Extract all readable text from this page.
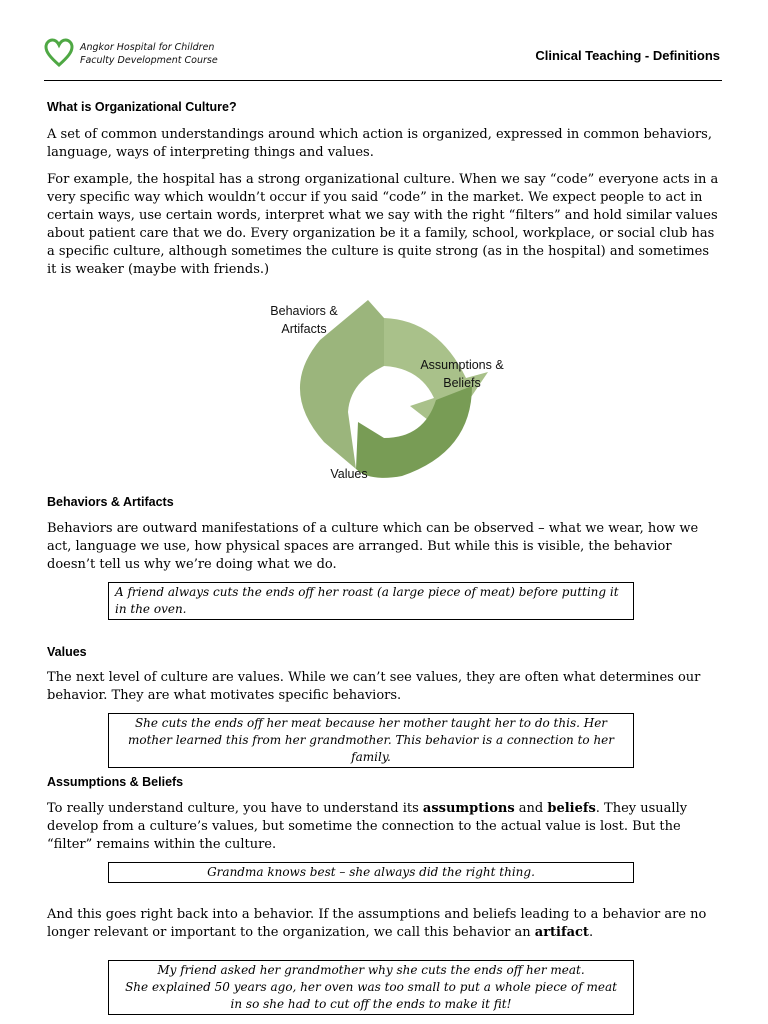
Angkor Hospital for Children
Faculty Development Course	Clinical Teaching - Definitions
What is Organizational Culture?

A set of common understandings around which action is organized, expressed in common behaviors, language, ways of interpreting things and values.

For example, the hospital has a strong organizational culture. When we say “code” everyone acts in a very specific way which wouldn’t occur if you said “code” in the market. We expect people to act in certain ways, use certain words, interpret what we say with the right “filters” and hold similar values about patient care that we do. Every organization be it a family, school, workplace, or social club has a specific culture, although sometimes the culture is quite strong (as in the hospital) and sometimes it is weaker (maybe with friends.)

Behaviors & Artifacts
Assumptions & Beliefs
Values
Behaviors & Artifacts

Behaviors are outward manifestations of a culture which can be observed – what we wear, how we act, language we use, how physical spaces are arranged. But while this is visible, the behavior doesn’t tell us why we’re doing what we do.

A friend always cuts the ends off her roast (a large piece of meat) before putting it in the oven.
Values

The next level of culture are values. While we can’t see values, they are often what determines our behavior. They are what motivates specific behaviors.

She cuts the ends off her meat because her mother taught her to do this. Her mother learned this from her grandmother. This behavior is a connection to her family.
Assumptions & Beliefs

To really understand culture, you have to understand its assumptions and beliefs. They usually develop from a culture’s values, but sometime the connection to the actual value is lost. But the “filter” remains within the culture.

Grandma knows best – she always did the right thing.

And this goes right back into a behavior. If the assumptions and beliefs leading to a behavior are no longer relevant or important to the organization, we call this behavior an artifact.

My friend asked her grandmother why she cuts the ends off her meat.
She explained 50 years ago, her oven was too small to put a whole piece of meat in so she had to cut off the ends to make it fit!
